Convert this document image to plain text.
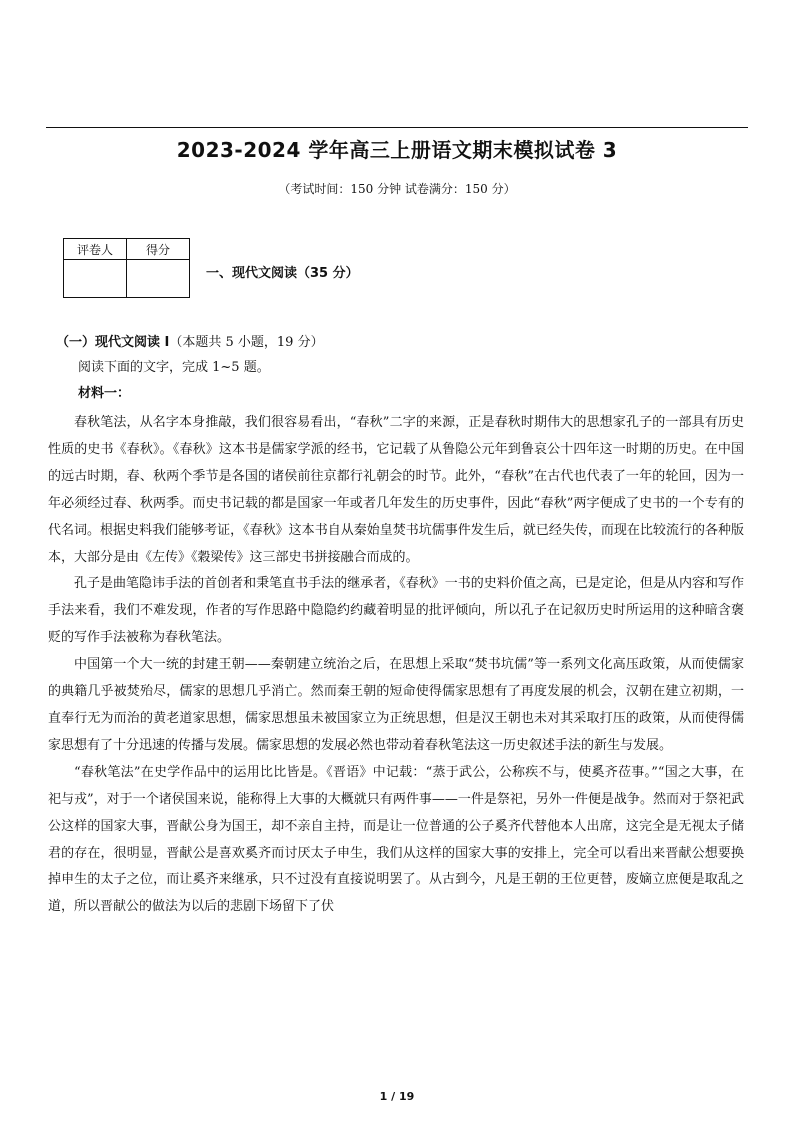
2023-2024 学年高三上册语文期末模拟试卷 3
（考试时间：150 分钟 试卷满分：150 分）
评卷人	得分

一、现代文阅读（35 分）
（一）现代文阅读 I（本题共 5 小题，19 分）
阅读下面的文字，完成 1~5 题。
材料一：

春秋笔法，从名字本身推敲，我们很容易看出，“春秋”二字的来源，正是春秋时期伟大的思想家孔子的一部具有历史性质的史书《春秋》。《春秋》这本书是儒家学派的经书，它记载了从鲁隐公元年到鲁哀公十四年这一时期的历史。在中国的远古时期，春、秋两个季节是各国的诸侯前往京都行礼朝会的时节。此外，“春秋”在古代也代表了一年的轮回，因为一年必须经过春、秋两季。而史书记载的都是国家一年或者几年发生的历史事件，因此“春秋”两字便成了史书的一个专有的代名词。根据史料我们能够考证，《春秋》这本书自从秦始皇焚书坑儒事件发生后，就已经失传，而现在比较流行的各种版本，大部分是由《左传》《穀梁传》这三部史书拼接融合而成的。

孔子是曲笔隐讳手法的首创者和秉笔直书手法的继承者，《春秋》一书的史料价值之高，已是定论，但是从内容和写作手法来看，我们不难发现，作者的写作思路中隐隐约约藏着明显的批评倾向，所以孔子在记叙历史时所运用的这种暗含褒贬的写作手法被称为春秋笔法。

中国第一个大一统的封建王朝——秦朝建立统治之后，在思想上采取“焚书坑儒”等一系列文化高压政策，从而使儒家的典籍几乎被焚殆尽，儒家的思想几乎消亡。然而秦王朝的短命使得儒家思想有了再度发展的机会，汉朝在建立初期，一直奉行无为而治的黄老道家思想，儒家思想虽未被国家立为正统思想，但是汉王朝也未对其采取打压的政策，从而使得儒家思想有了十分迅速的传播与发展。儒家思想的发展必然也带动着春秋笔法这一历史叙述手法的新生与发展。

“春秋笔法”在史学作品中的运用比比皆是。《晋语》中记载：“蒸于武公，公称疾不与，使奚齐莅事。”“国之大事，在祀与戎”，对于一个诸侯国来说，能称得上大事的大概就只有两件事——一件是祭祀，另外一件便是战争。然而对于祭祀武公这样的国家大事，晋献公身为国王，却不亲自主持，而是让一位普通的公子奚齐代替他本人出席，这完全是无视太子储君的存在，很明显，晋献公是喜欢奚齐而讨厌太子申生，我们从这样的国家大事的安排上，完全可以看出来晋献公想要换掉申生的太子之位，而让奚齐来继承，只不过没有直接说明罢了。从古到今，凡是王朝的王位更替，废嫡立庶便是取乱之道，所以晋献公的做法为以后的悲剧下场留下了伏

1 / 19
